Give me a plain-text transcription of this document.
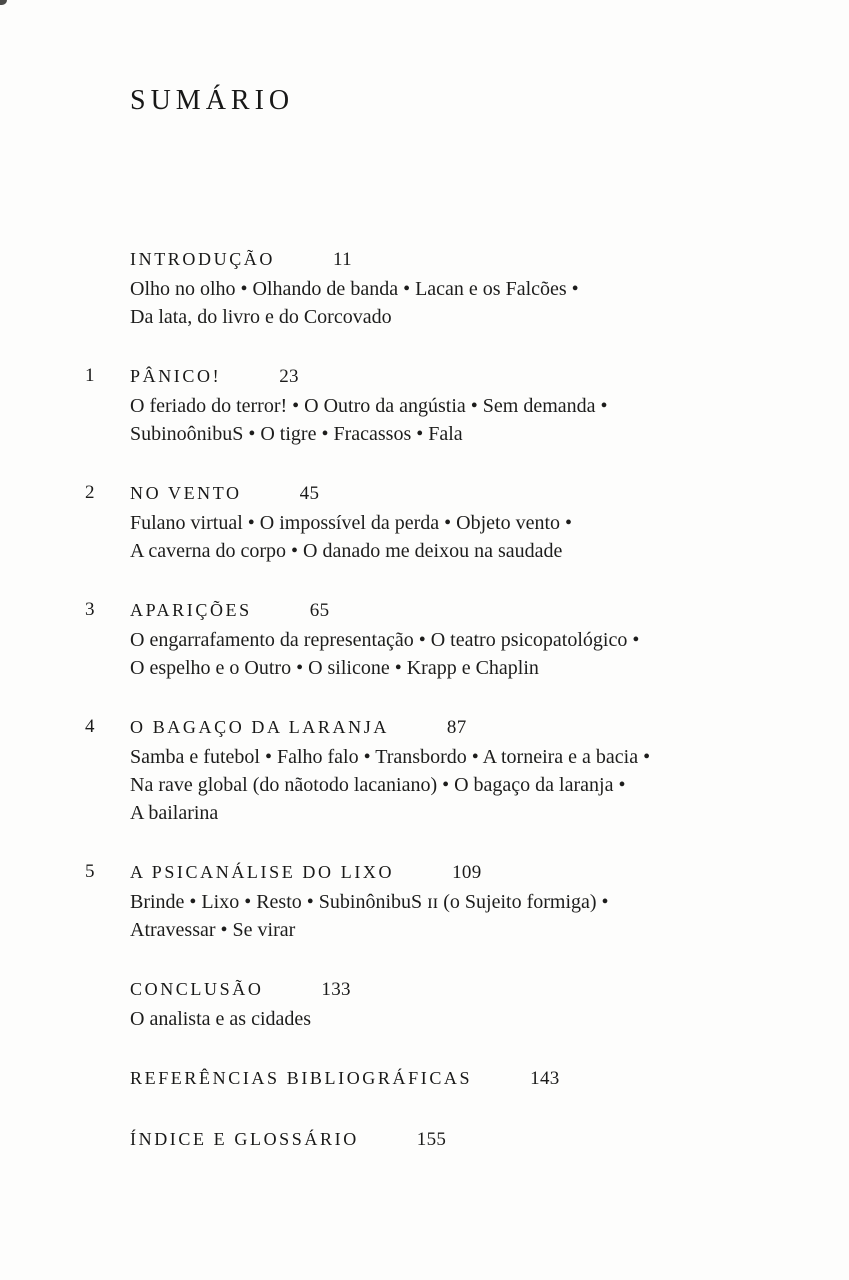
SUMÁRIO
INTRODUÇÃO	11
Olho no olho • Olhando de banda • Lacan e os Falcões •
Da lata, do livro e do Corcovado
1 PÂNICO!	23
O feriado do terror! • O Outro da angústia • Sem demanda •
SubinoônibuS • O tigre • Fracassos • Fala
2 NO VENTO	45
Fulano virtual • O impossível da perda • Objeto vento •
A caverna do corpo • O danado me deixou na saudade
3 APARIÇÕES	65
O engarrafamento da representação • O teatro psicopatológico •
O espelho e o Outro • O silicone • Krapp e Chaplin
4 O BAGAÇO DA LARANJA	87
Samba e futebol • Falho falo • Transbordo • A torneira e a bacia •
Na rave global (do nãotodo lacaniano) • O bagaço da laranja •
A bailarina
5 A PSICANÁLISE DO LIXO	109
Brinde • Lixo • Resto • SubinônibuS ɪɪ (o Sujeito formiga) •
Atravessar • Se virar
CONCLUSÃO	133
O analista e as cidades
REFERÊNCIAS BIBLIOGRÁFICAS	143
ÍNDICE E GLOSSÁRIO	155
